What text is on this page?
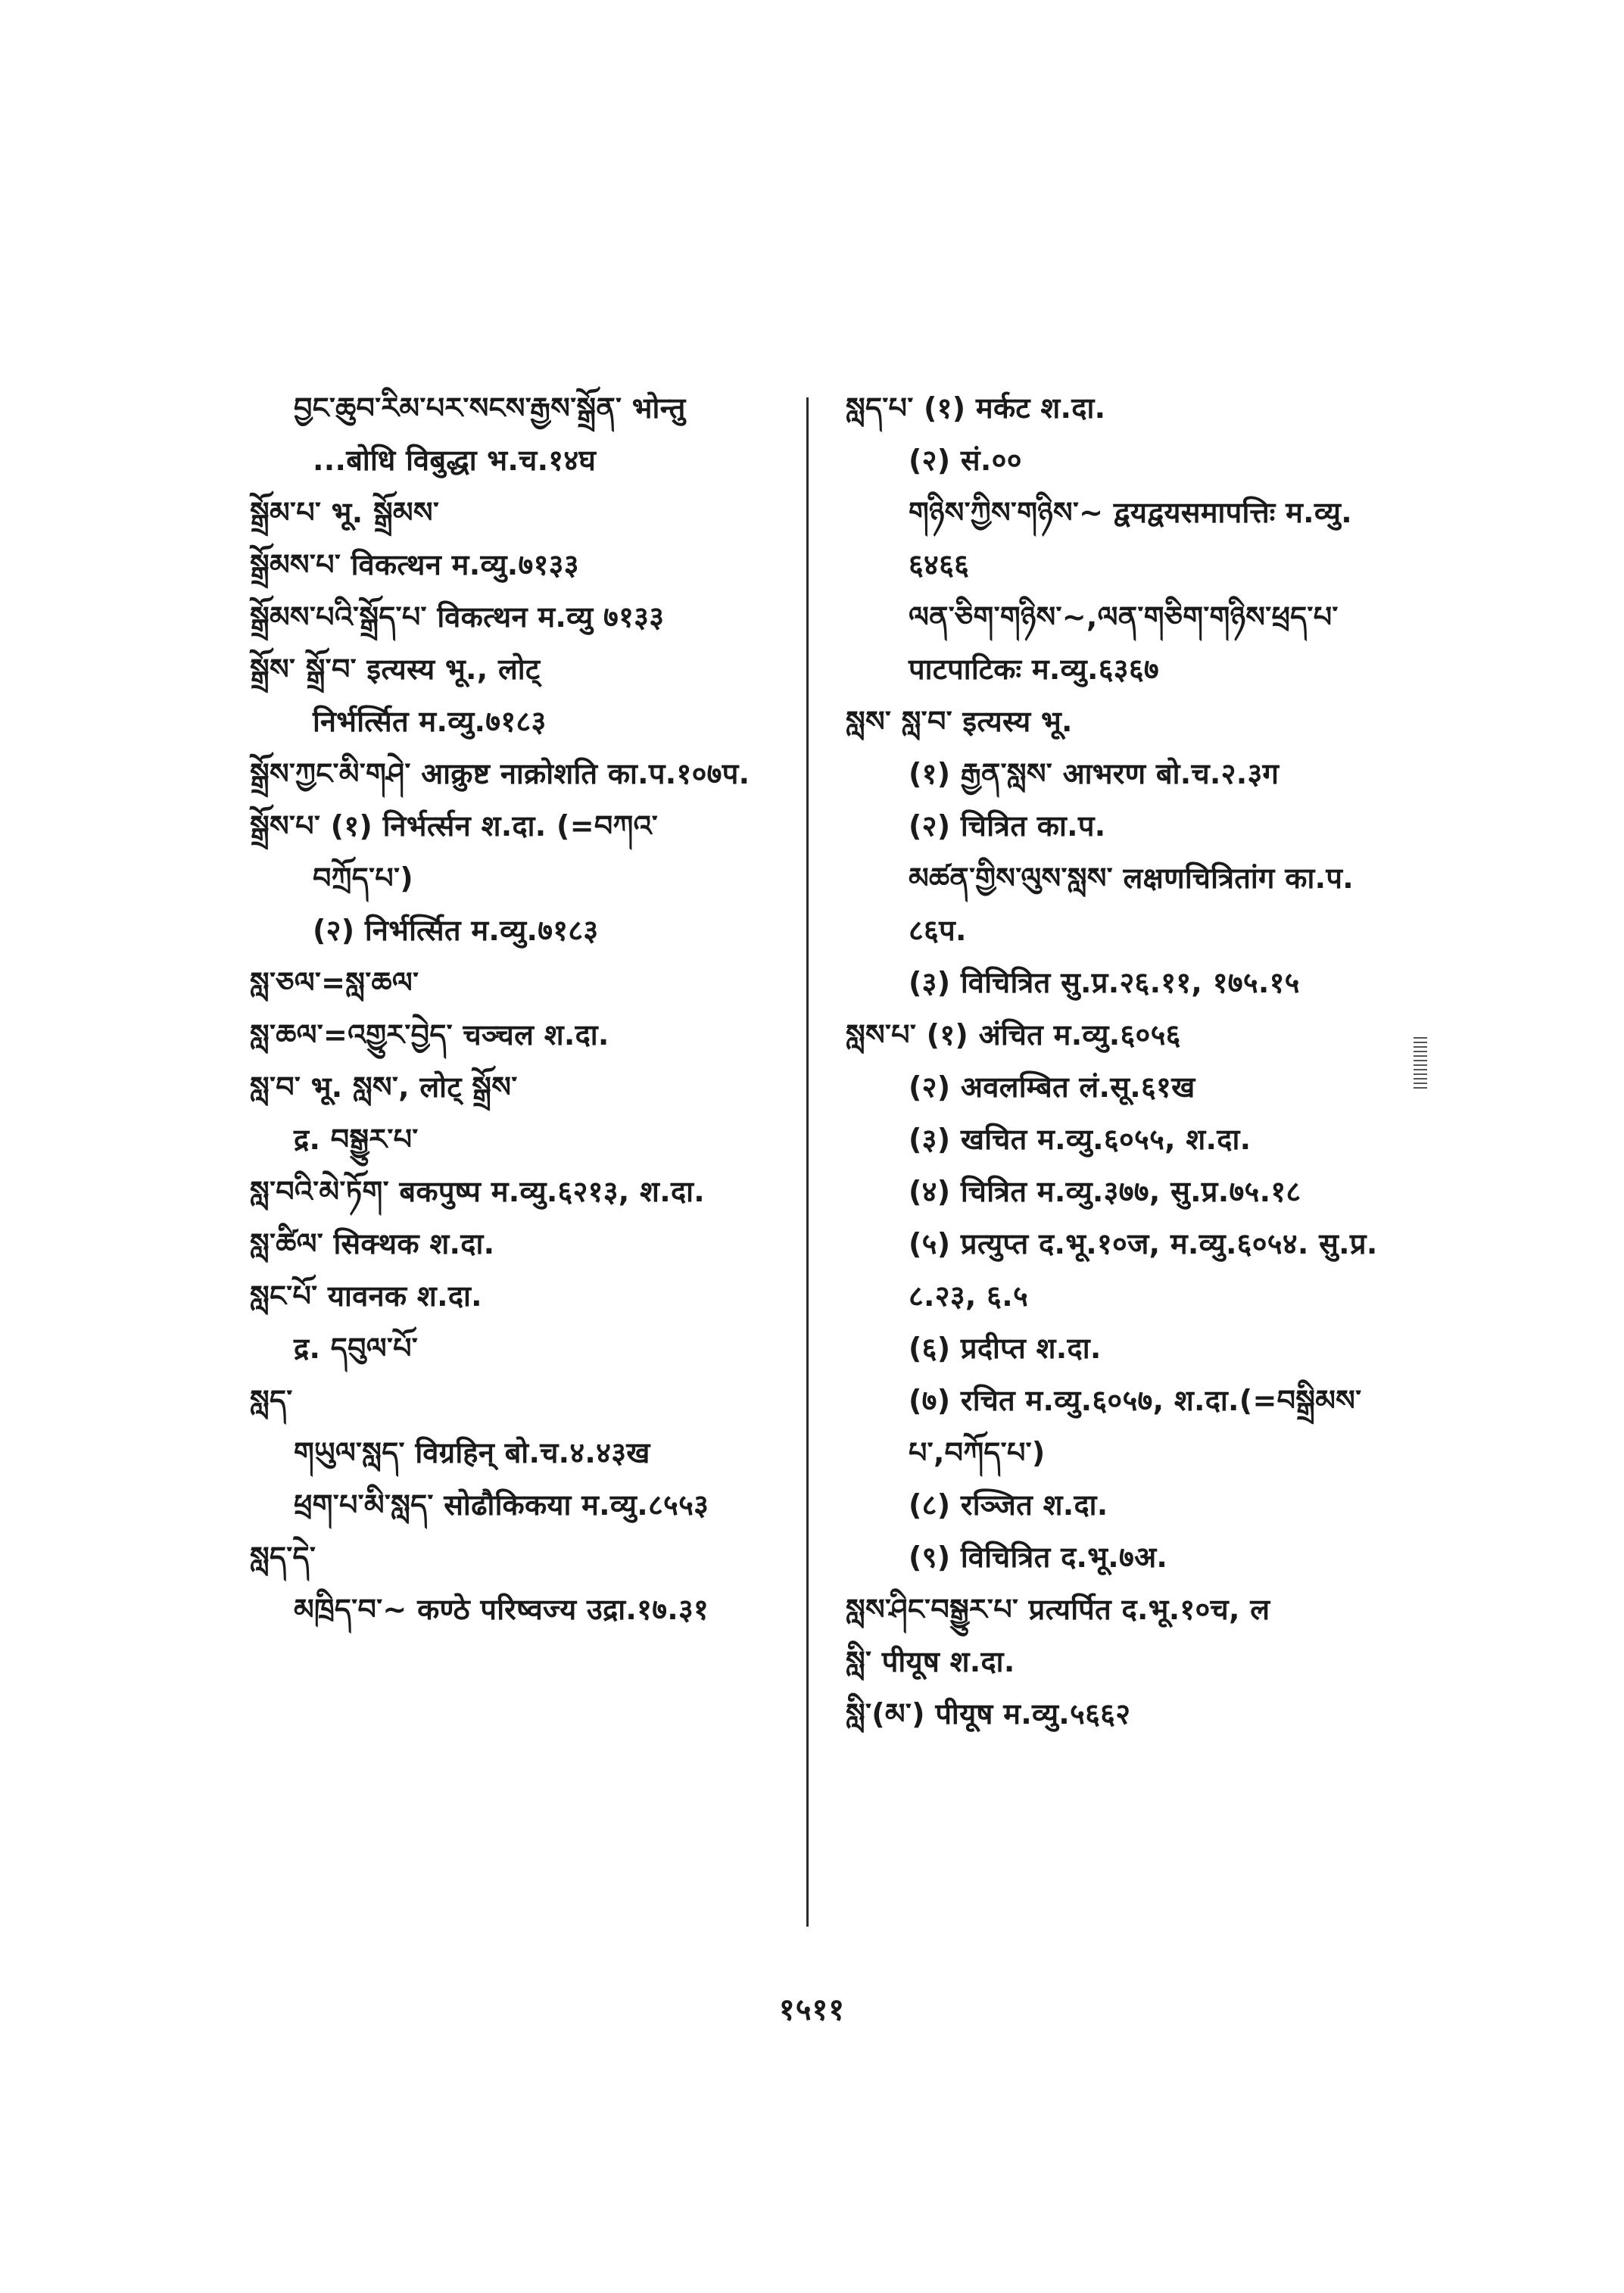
བྱང་ཆུབ་རིམ་པར་སངས་རྒྱས་སྒྲོན་ भोन्तु
...बोधि विबुद्धा भ.च.१४घ
སྒྲོམ་པ་ भू. སྒྲོམས་
སྒྲོམས་པ་ विकत्थन म.व्यु.७१३३
སྒྲོམས་པའི་སྒྲོད་པ་ विकत्थन म.व्यु ७१३३
སྒྲོས་ སྒྲོ་བ་ इत्यस्य भू., लोट्
निर्भर्त्सित म.व्यु.७१८३
སྒྲོས་ཀྱང་མི་གཤེ་ आक्रुष्ट नाक्रोशति का.प.१०७प.
སྒྲོས་པ་ (१) निर्भर्त्सन श.दा. (=བཀའ་
བཀྲོད་པ་)
(२) निर्भर्त्सित म.व्यु.७१८३
སླ་ཅལ་=སླ་ཆལ་
སླ་ཆལ་=འགྱུར་བྱེད་ चञ्चल श.दा.
སླ་བ་ भू. སླས་, लोट् སྒྲོས་
द्र. བསྒྱུར་པ་
སླ་བའི་མེ་ཏོག་ बकपुष्प म.व्यु.६२१३, श.दा.
སླ་ཚིལ་ सिक्थक श.दा.
སླང་པོ་ यावनक श.दा.
द्र. དབུལ་པོ་
སླད་
གཡུལ་སླད་ विग्रहिन् बो.च.४.४३ख
ཕྲག་པ་མི་སླད་ सोढौकिकया म.व्यु.८५५३
སླད་དེ་
མཁྲིད་བ་~ कण्ठे परिष्वज्य उद्रा.१७.३१
སླད་པ་ (१) मर्कट श.दा.
(२) सं.००
གཉིས་ཀྱིས་གཉིས་~ द्वयद्वयसमापत्तिः म.व्यु.
६४६६
ལན་ཅིག་གཉིས་~,ལན་གཅིག་གཉིས་ཕྲད་པ་
पाटपाटिकः म.व्यु.६३६७
སླས་ སླ་བ་ इत्यस्य भू.
(१) རྒྱན་སླས་ आभरण बो.च.२.३ग
(२) चित्रित का.प.
མཚན་གྱིས་ལུས་སླས་ लक्षणचित्रितांग का.प.
८६प.
(३) विचित्रित सु.प्र.२६.११, १७५.१५
སླས་པ་ (१) अंचित म.व्यु.६०५६
(२) अवलम्बित लं.सू.६१ख
(३) खचित म.व्यु.६०५५, श.दा.
(४) चित्रित म.व्यु.३७७, सु.प्र.७५.१८
(५) प्रत्युप्त द.भू.१०ज, म.व्यु.६०५४. सु.प्र.
८.२३, ६.५
(६) प्रदीप्त श.दा.
(७) रचित म.व्यु.६०५७, श.दा.(=བསྒྲིམས་
པ་,བཀོད་པ་)
(८) रञ्जित श.दा.
(९) विचित्रित द.भू.७अ.
སླས་ཤིང་བསྒྱུར་པ་ प्रत्यर्पित द.भू.१०च, ल
སླི་ पीयूष श.दा.
སླི་(མ་) पीयूष म.व्यु.५६६२
१५११
